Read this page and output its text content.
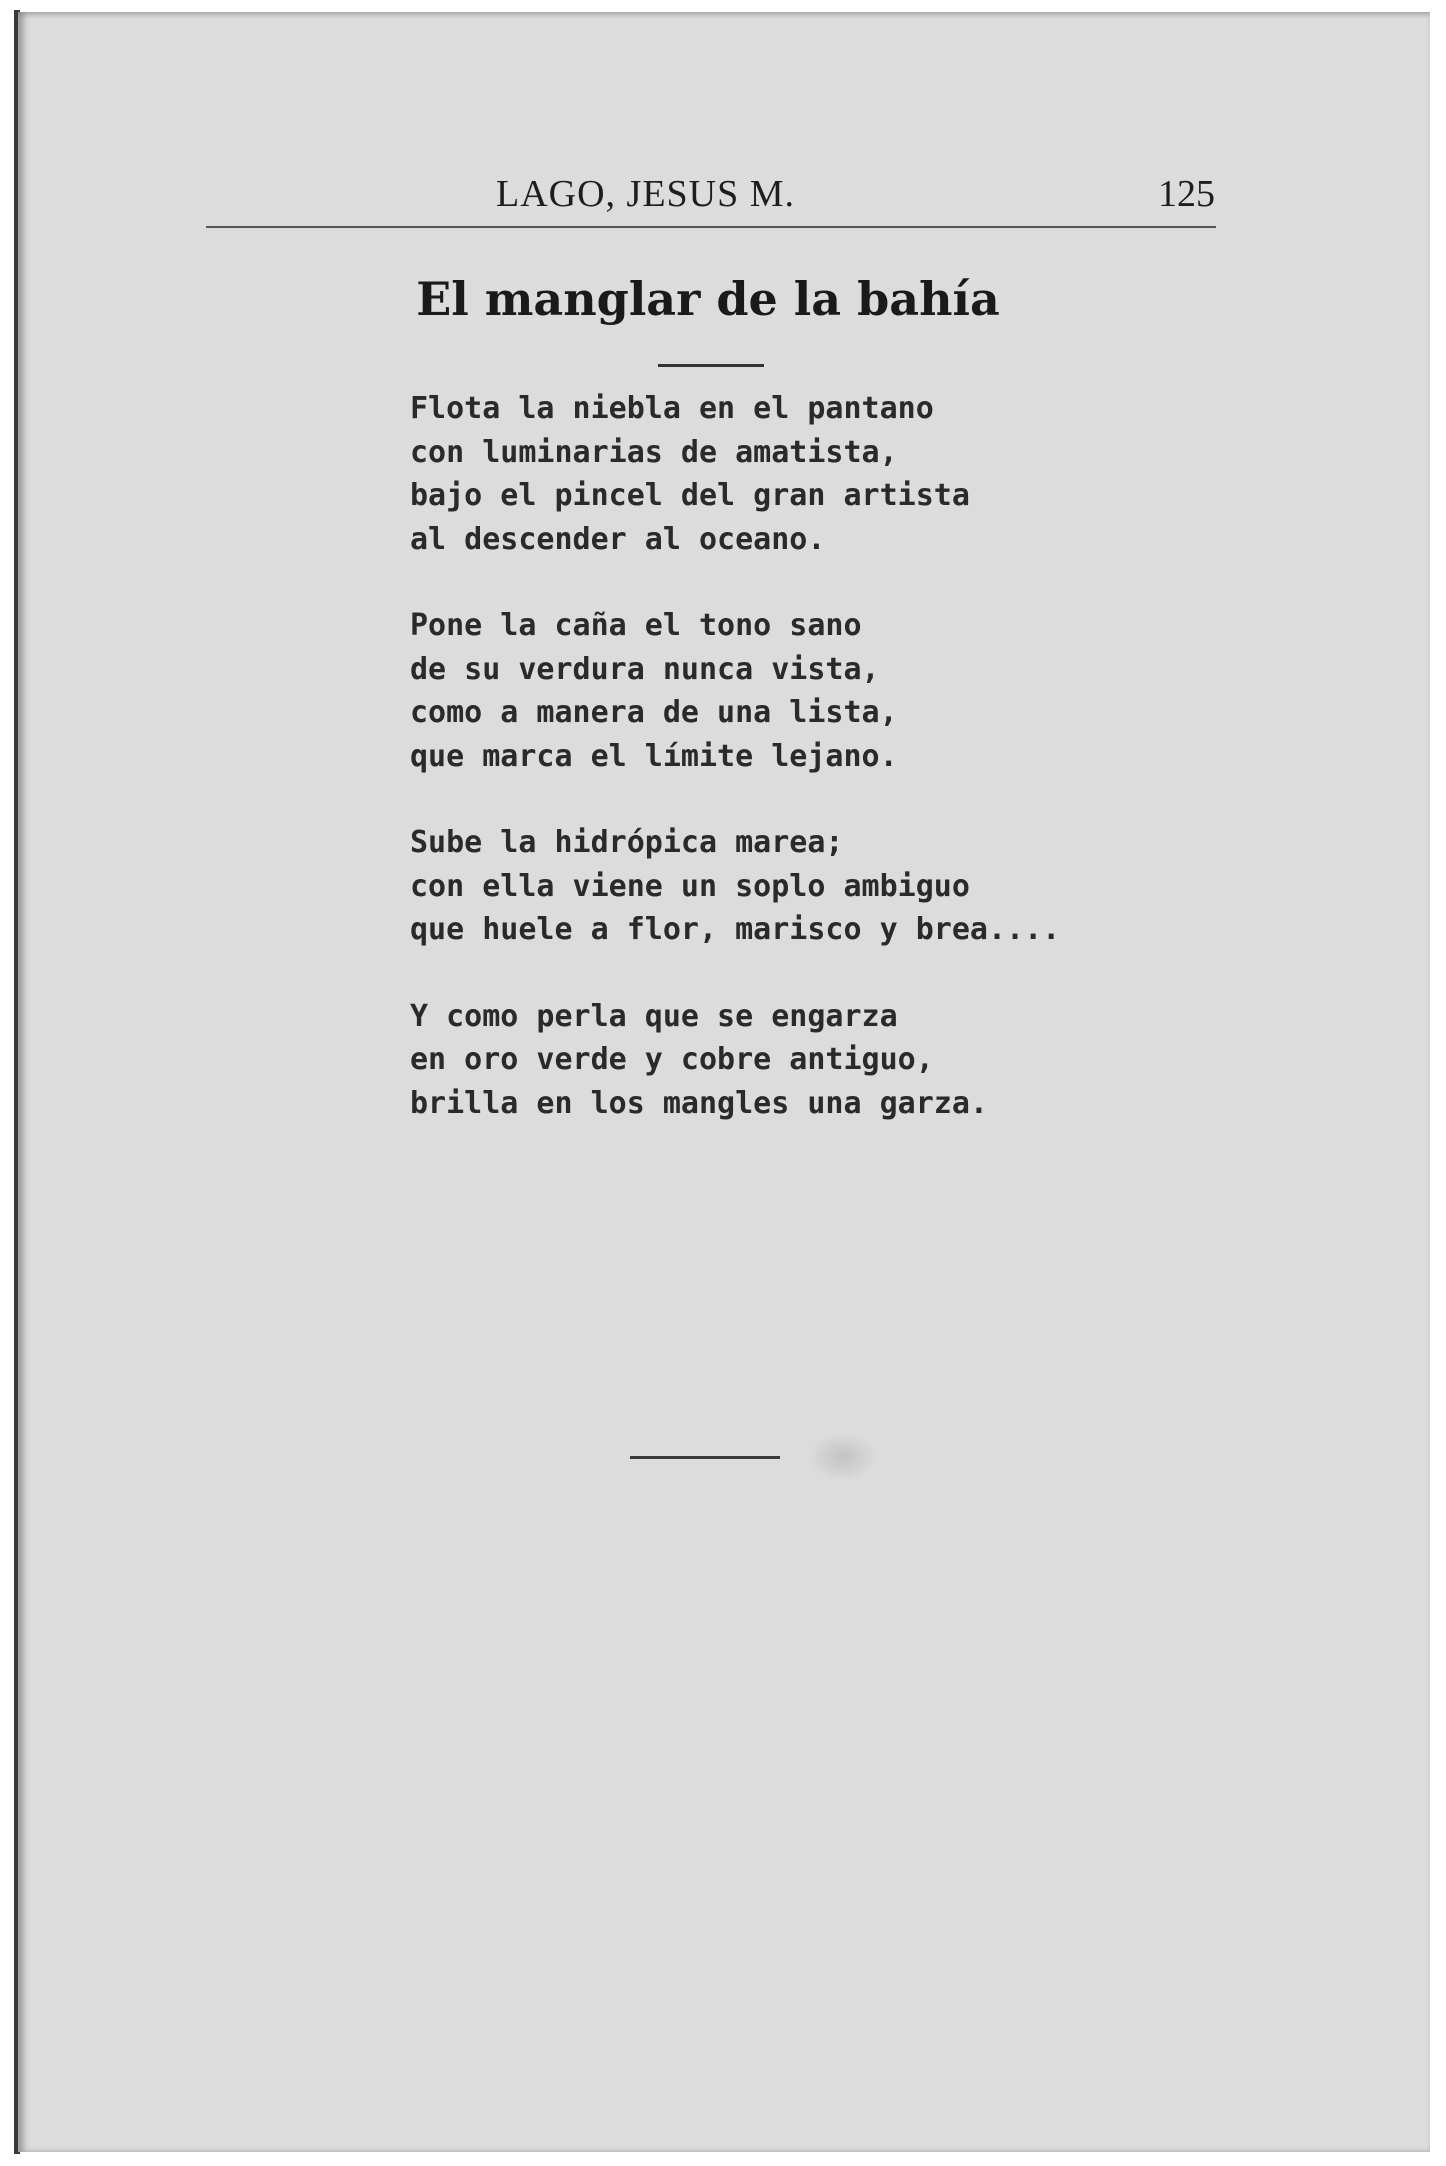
LAGO, JESUS M.	125
El manglar de la bahía
Flota la niebla en el pantano
con luminarias de amatista,
bajo el pincel del gran artista
al descender al oceano.
Pone la caña el tono sano
de su verdura nunca vista,
como a manera de una lista,
que marca el límite lejano.
Sube la hidrópica marea;
con ella viene un soplo ambiguo
que huele a flor, marisco y brea....
Y como perla que se engarza
en oro verde y cobre antiguo,
brilla en los mangles una garza.
